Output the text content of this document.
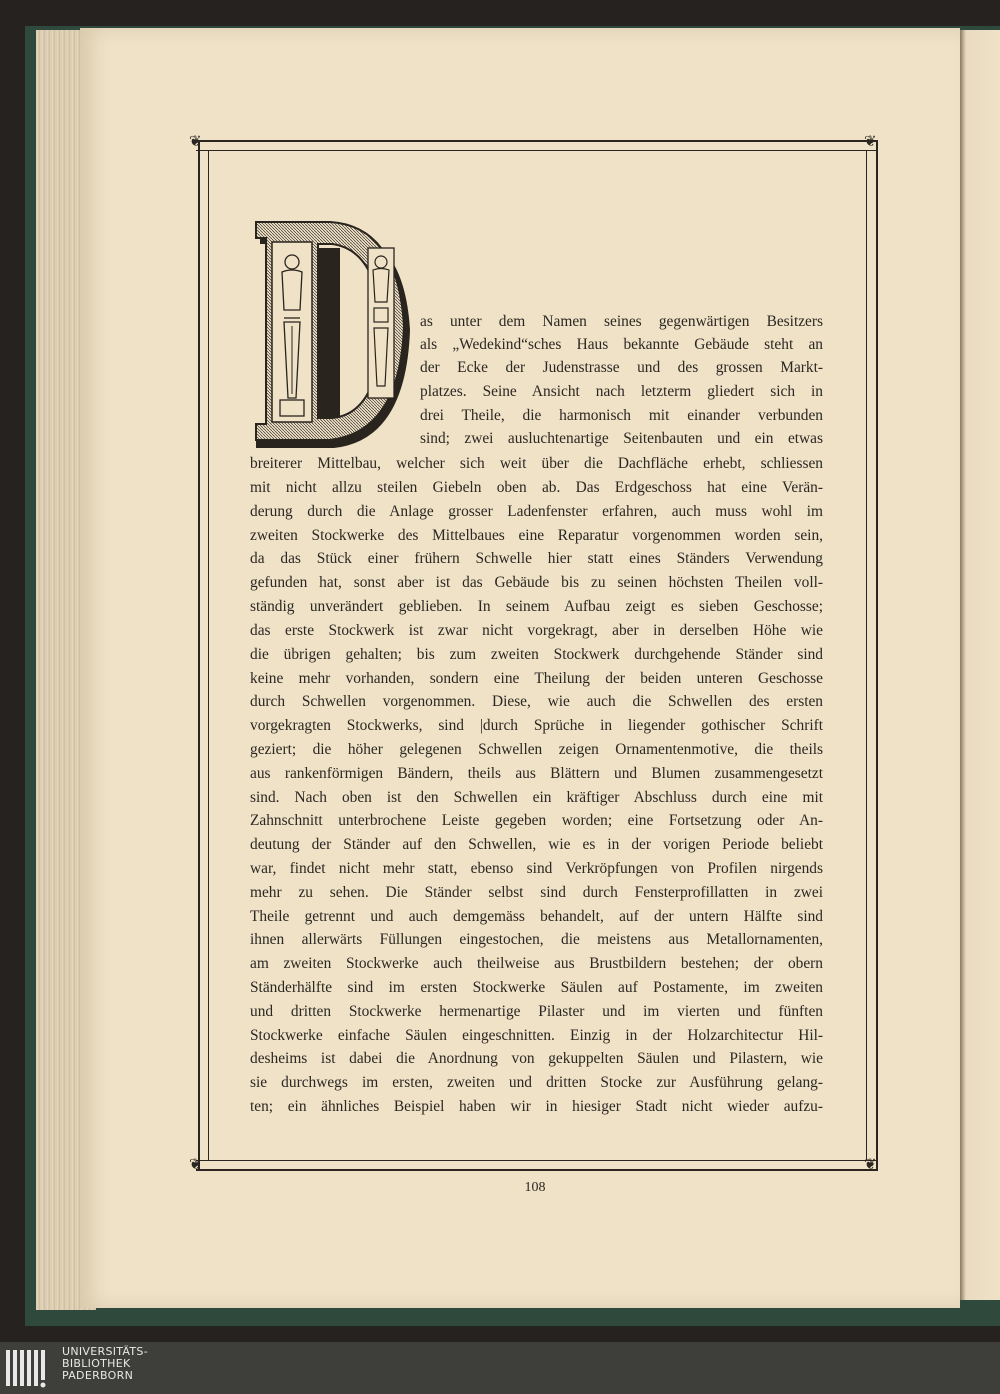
❦	❦
❦	❦
as unter dem Namen seines gegenwärtigen Besitzers
als „Wedekind“sches Haus bekannte Gebäude steht an
der Ecke der Judenstrasse und des grossen Markt-
platzes. Seine Ansicht nach letzterm gliedert sich in
drei Theile, die harmonisch mit einander verbunden
sind; zwei ausluchtenartige Seitenbauten und ein etwas
breiterer Mittelbau, welcher sich weit über die Dachfläche erhebt, schliessen
mit nicht allzu steilen Giebeln oben ab. Das Erdgeschoss hat eine Verän-
derung durch die Anlage grosser Ladenfenster erfahren, auch muss wohl im
zweiten Stockwerke des Mittelbaues eine Reparatur vorgenommen worden sein,
da das Stück einer frühern Schwelle hier statt eines Ständers Verwendung
gefunden hat, sonst aber ist das Gebäude bis zu seinen höchsten Theilen voll-
ständig unverändert geblieben. In seinem Aufbau zeigt es sieben Geschosse;
das erste Stockwerk ist zwar nicht vorgekragt, aber in derselben Höhe wie
die übrigen gehalten; bis zum zweiten Stockwerk durchgehende Ständer sind
keine mehr vorhanden, sondern eine Theilung der beiden unteren Geschosse
durch Schwellen vorgenommen. Diese, wie auch die Schwellen des ersten
vorgekragten Stockwerks, sind |durch Sprüche in liegender gothischer Schrift
geziert; die höher gelegenen Schwellen zeigen Ornamentenmotive, die theils
aus rankenförmigen Bändern, theils aus Blättern und Blumen zusammengesetzt
sind. Nach oben ist den Schwellen ein kräftiger Abschluss durch eine mit
Zahnschnitt unterbrochene Leiste gegeben worden; eine Fortsetzung oder An-
deutung der Ständer auf den Schwellen, wie es in der vorigen Periode beliebt
war, findet nicht mehr statt, ebenso sind Verkröpfungen von Profilen nirgends
mehr zu sehen. Die Ständer selbst sind durch Fensterprofillatten in zwei
Theile getrennt und auch demgemäss behandelt, auf der untern Hälfte sind
ihnen allerwärts Füllungen eingestochen, die meistens aus Metallornamenten,
am zweiten Stockwerke auch theilweise aus Brustbildern bestehen; der obern
Ständerhälfte sind im ersten Stockwerke Säulen auf Postamente, im zweiten
und dritten Stockwerke hermenartige Pilaster und im vierten und fünften
Stockwerke einfache Säulen eingeschnitten. Einzig in der Holzarchitectur Hil-
desheims ist dabei die Anordnung von gekuppelten Säulen und Pilastern, wie
sie durchwegs im ersten, zweiten und dritten Stocke zur Ausführung gelang-
ten; ein ähnliches Beispiel haben wir in hiesiger Stadt nicht wieder aufzu-
108
UNIVERSITÄTS-
BIBLIOTHEK
PADERBORN
